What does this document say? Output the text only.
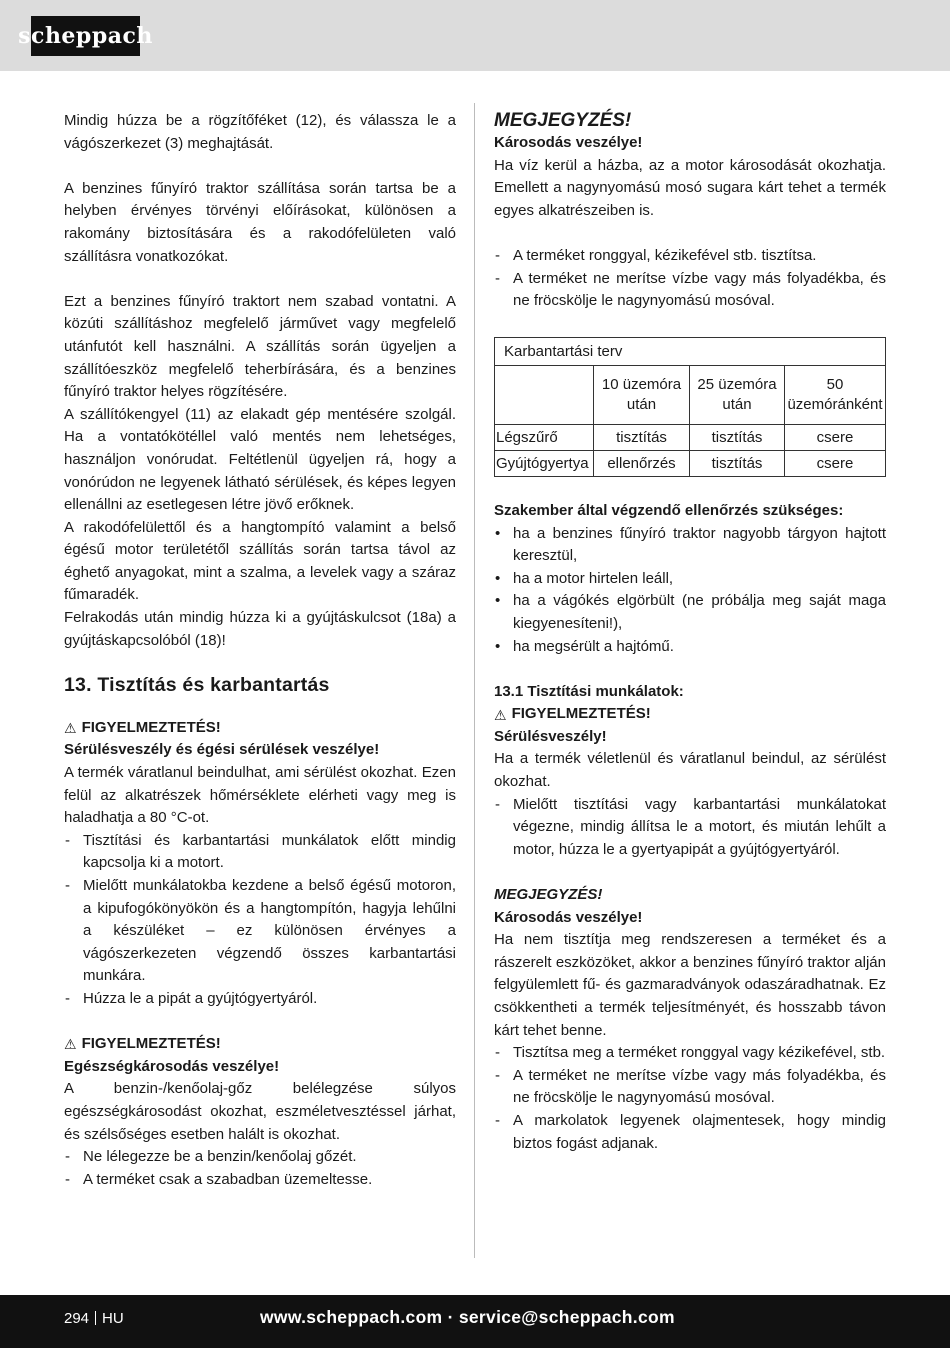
scheppach

Mindig húzza be a rögzítőféket (12), és válassza le a vágószerkezet (3) meghajtását.

A benzines fűnyíró traktor szállítása során tartsa be a helyben érvényes törvényi előírásokat, különösen a rakomány biztosítására és a rakodófelületen való szállításra vonatkozókat.

Ezt a benzines fűnyíró traktort nem szabad vontatni. A közúti szállításhoz megfelelő járművet vagy megfelelő utánfutót kell használni. A szállítás során ügyeljen a szállítóeszköz megfelelő teherbírására, és a benzines fűnyíró traktor helyes rögzítésére.

A szállítókengyel (11) az elakadt gép mentésére szolgál. Ha a vontatókötéllel való mentés nem lehetséges, használjon vonórudat. Feltétlenül ügyeljen rá, hogy a vonórúdon ne legyenek látható sérülések, és képes legyen ellenállni az esetlegesen létre jövő erőknek.

A rakodófelülettől és a hangtompító valamint a belső égésű motor területétől szállítás során tartsa távol az éghető anyagokat, mint a szalma, a levelek vagy a száraz fűmaradék.

Felrakodás után mindig húzza ki a gyújtáskulcsot (18a) a gyújtáskapcsolóból (18)!

13. Tisztítás és karbantartás
⚠ FIGYELMEZTETÉS!
Sérülésveszély és égési sérülések veszélye!

A termék váratlanul beindulhat, ami sérülést okozhat. Ezen felül az alkatrészek hőmérséklete elérheti vagy meg is haladhatja a 80 °C-ot.

- Tisztítási és karbantartási munkálatok előtt mindig kapcsolja ki a motort.
- Mielőtt munkálatokba kezdene a belső égésű motoron, a kipufogókönyökön és a hangtompítón, hagyja lehűlni a készüléket – ez különösen érvényes a vágószerkezeten végzendő összes karbantartási munkára.
- Húzza le a pipát a gyújtógyertyáról.
⚠ FIGYELMEZTETÉS!
Egészségkárosodás veszélye!

A benzin-/kenőolaj-gőz belélegzése súlyos egészségkárosodást okozhat, eszméletvesztéssel járhat, és szélsőséges esetben halált is okozhat.

- Ne lélegezze be a benzin/kenőolaj gőzét.
- A terméket csak a szabadban üzemeltesse.
MEGJEGYZÉS!
Károsodás veszélye!

Ha víz kerül a házba, az a motor károsodását okozhatja. Emellett a nagynyomású mosó sugara kárt tehet a termék egyes alkatrészeiben is.

- A terméket ronggyal, kézikefével stb. tisztítsa.
- A terméket ne merítse vízbe vagy más folyadékba, és ne fröcskölje le nagynyomású mosóval.
Karbantartási terv			
	10 üzemóra után	25 üzemóra után	50 üzemóránként
Légszűrő	tisztítás	tisztítás	csere
Gyújtógyertya	ellenőrzés	tisztítás	csere
Szakember által végzendő ellenőrzés szükséges:
• ha a benzines fűnyíró traktor nagyobb tárgyon hajtott keresztül,
• ha a motor hirtelen leáll,
• ha a vágókés elgörbült (ne próbálja meg saját maga kiegyenesíteni!),
• ha megsérült a hajtómű.
13.1 Tisztítási munkálatok:
⚠ FIGYELMEZTETÉS!
Sérülésveszély!

Ha a termék véletlenül és váratlanul beindul, az sérülést okozhat.

- Mielőtt tisztítási vagy karbantartási munkálatokat végezne, mindig állítsa le a motort, és miután lehűlt a motor, húzza le a gyertyapipát a gyújtógyertyáról.
MEGJEGYZÉS!
Károsodás veszélye!

Ha nem tisztítja meg rendszeresen a terméket és a rászerelt eszközöket, akkor a benzines fűnyíró traktor alján felgyülemlett fű- és gazmaradványok odaszáradhatnak. Ez csökkentheti a termék teljesítményét, és hosszabb távon kárt tehet benne.

- Tisztítsa meg a terméket ronggyal vagy kézikefével, stb.
- A terméket ne merítse vízbe vagy más folyadékba, és ne fröcskölje le nagynyomású mosóval.
- A markolatok legyenek olajmentesek, hogy mindig biztos fogást adjanak.
294 HU	www.scheppach.com · service@scheppach.com
